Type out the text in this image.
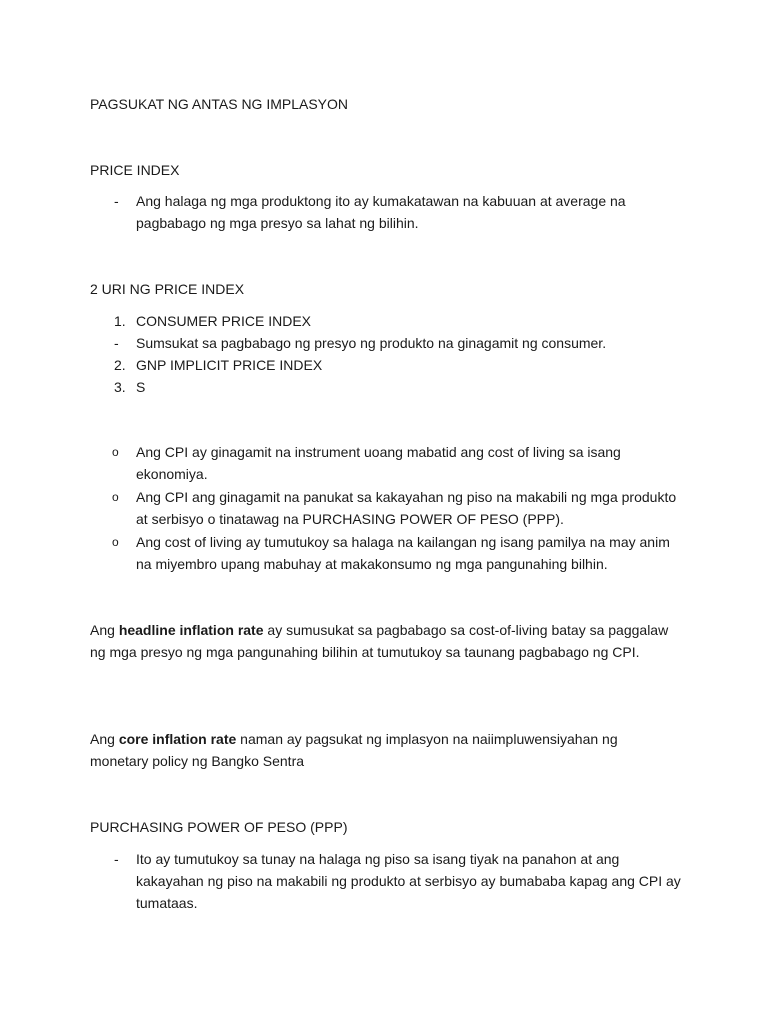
PAGSUKAT NG ANTAS NG IMPLASYON
PRICE INDEX
- Ang halaga ng mga produktong ito ay kumakatawan na kabuuan at average na pagbabago ng mga presyo sa lahat ng bilihin.
2 URI NG PRICE INDEX
1. CONSUMER PRICE INDEX
- Sumsukat sa pagbabago ng presyo ng produkto na ginagamit ng consumer.
2. GNP IMPLICIT PRICE INDEX
3. S
o Ang CPI ay ginagamit na instrument uoang mabatid ang cost of living sa isang ekonomiya.
o Ang CPI ang ginagamit na panukat sa kakayahan ng piso na makabili ng mga produkto at serbisyo o tinatawag na PURCHASING POWER OF PESO (PPP).
o Ang cost of living ay tumutukoy sa halaga na kailangan ng isang pamilya na may anim na miyembro upang mabuhay at makakonsumo ng mga pangunahing bilhin.
Ang headline inflation rate ay sumusukat sa pagbabago sa cost-of-living batay sa paggalaw ng mga presyo ng mga pangunahing bilihin at tumutukoy sa taunang pagbabago ng CPI.
Ang core inflation rate naman ay pagsukat ng implasyon na naiimpluwensiyahan ng monetary policy ng Bangko Sentra
PURCHASING POWER OF PESO (PPP)
- Ito ay tumutukoy sa tunay na halaga ng piso sa isang tiyak na panahon at ang kakayahan ng piso na makabili ng produkto at serbisyo ay bumababa kapag ang CPI ay tumataas.
